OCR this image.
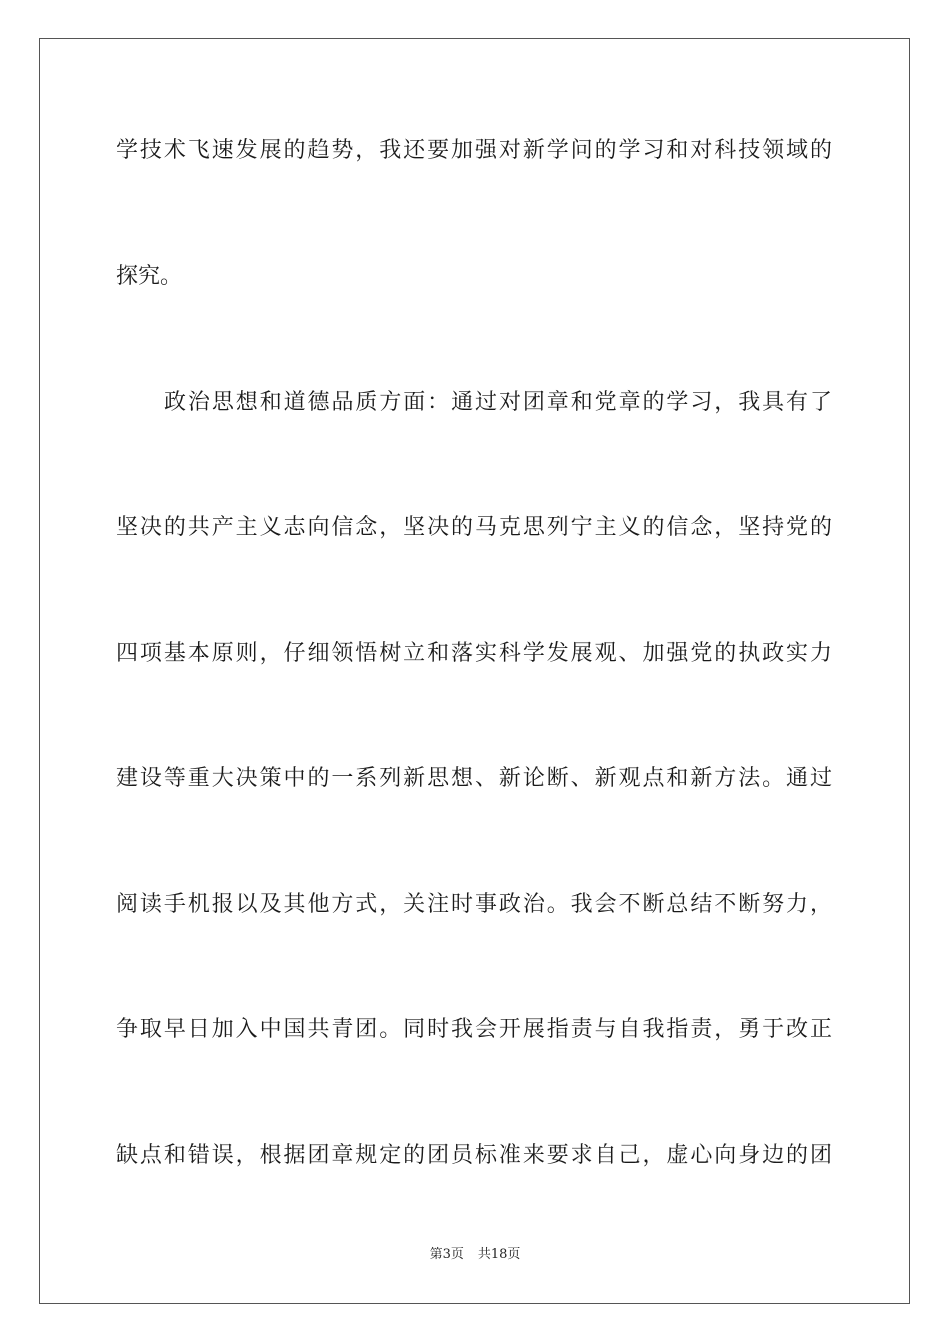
学技术飞速发展的趋势，我还要加强对新学问的学习和对科技领域的
探究。
政治思想和道德品质方面：通过对团章和党章的学习，我具有了
坚决的共产主义志向信念，坚决的马克思列宁主义的信念，坚持党的
四项基本原则，仔细领悟树立和落实科学发展观、加强党的执政实力
建设等重大决策中的一系列新思想、新论断、新观点和新方法。通过
阅读手机报以及其他方式，关注时事政治。我会不断总结不断努力，
争取早日加入中国共青团。同时我会开展指责与自我指责，勇于改正
缺点和错误，根据团章规定的团员标准来要求自己，虚心向身边的团
第3页 共18页
